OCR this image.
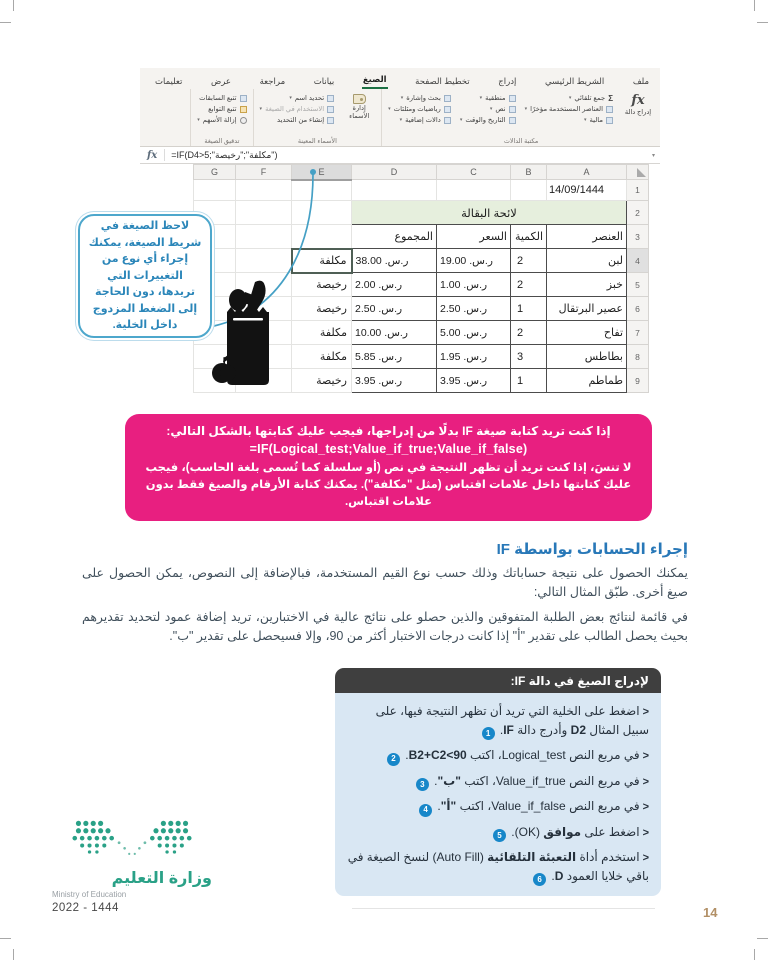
ملف
الشريط الرئيسي
إدراج
تخطيط الصفحة
الصيغ
بيانات
مراجعة
عرض
تعليمات
fx
إدراج دالة
Σ
جمع تلقائي
▾
العناصر المستخدمة مؤخرًا
▾
مالية
▾
منطقية
▾
نص
▾
التاريخ والوقت
▾
بحث وإشارة
▾
رياضيات ومثلثات
▾
دالات إضافية
▾
مكتبة الدالات
إدارة الأسماء
تحديد اسم
▾
الاستخدام في الصيغة
▾
إنشاء من التحديد
الأسماء المعينة
تتبع السابقات
تتبع التوابع
إزالة الأسهم
▾
تدقيق الصيغة
fx	=IF(D4>5;"مكلفة";"رخيصة")	▾
G	F	E	D	C	B	A	

						14/09/1444	1
			لائحة البقالة				2
			المجموع	السعر	الكمية	العنصر	3
		مكلفة	ر.س. 38.00	ر.س. 19.00	2	لبن	4
		رخيصة	ر.س. 2.00	ر.س. 1.00	2	خبز	5
		رخيصة	ر.س. 2.50	ر.س. 2.50	1	عصير البرتقال	6
		مكلفة	ر.س. 10.00	ر.س. 5.00	2	تفاح	7
		مكلفة	ر.س. 5.85	ر.س. 1.95	3	بطاطس	8
		رخيصة	ر.س. 3.95	ر.س. 3.95	1	طماطم	9

لاحظ الصيغة في شريط الصيغة، يمكنك إجراء أي نوع من التغييرات التي تريدها، دون الحاجة إلى الضغط المزدوج داخل الخلية.

إذا كنت تريد كتابة صيغة IF بدلًا من إدراجها، فيجب عليك كتابتها بالشكل التالي:

=IF(Logical_test;Value_if_true;Value_if_false)

لا تنسَ، إذا كنت تريد أن تظهر النتيجة في نص (أو سلسلة كما تُسمى بلغة الحاسب)، فيجب عليك كتابتها داخل علامات اقتباس (مثل "مكلفة"). يمكنك كتابة الأرقام والصيغ فقط بدون علامات اقتباس.

إجراء الحسابات بواسطة IF

يمكنك الحصول على نتيجة حساباتك وذلك حسب نوع القيم المستخدمة، فبالإضافة إلى النصوص، يمكن الحصول على صيغ أخرى. طبّق المثال التالي:

في قائمة لنتائج بعض الطلبة المتفوقين والذين حصلو على نتائج عالية في الاختبارين، تريد إضافة عمود لتحديد تقديرهم بحيث يحصل الطالب على تقدير "أ" إذا كانت درجات الاختبار أكثر من 90، وإلا فسيحصل على تقدير "ب".

لإدراج الصيغ في دالة IF:
<اضغط على الخلية التي تريد أن تظهر النتيجة فيها، على سبيل المثال D2 وأدرج دالة IF. 1
<في مربع النص Logical_test، اكتب B2+C2<90. 2
<في مربع النص Value_if_true، اكتب "ب". 3
<في مربع النص Value_if_false، اكتب "أ". 4
<اضغط على موافق (OK). 5
<استخدم أداة التعبئة التلقائية (Auto Fill) لنسخ الصيغة في باقي خلايا العمود D. 6
وزارة التعليم
Ministry of Education
2022 - 1444	14
